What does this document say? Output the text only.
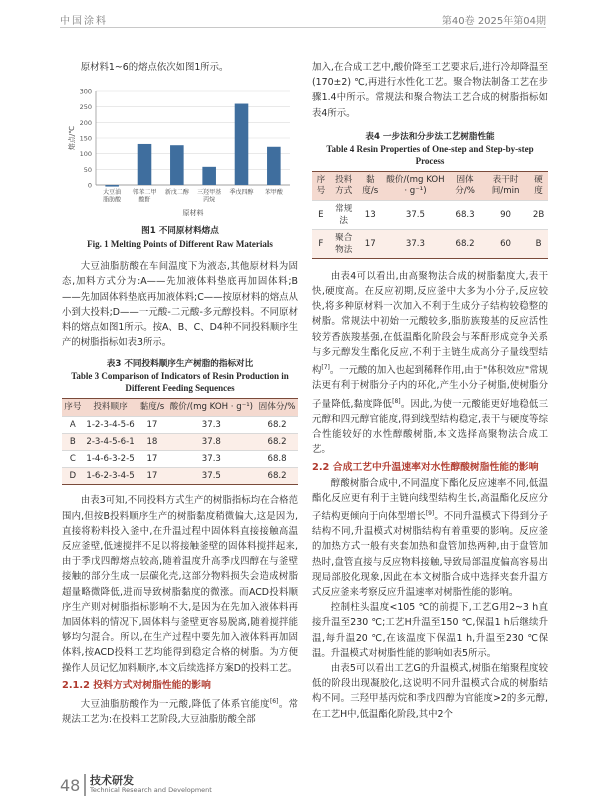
中国涂料	第40卷 2025年第04期

原材料1~6的熔点依次如图1所示。

0
50
100
150
200
250
300
熔点/℃
大豆油
脂肪酸
邻苯二甲
酸酐
新戊二醇 三羟甲基
丙烷
季戊四醇 苯甲酸
原材料
图1 不同原材料熔点
Fig. 1 Melting Points of Different Raw Materials

大豆油脂肪酸在车间温度下为液态,其他原材料为固态,加料方式分为:A——先加液体料垫底再加固体料;B——先加固体料垫底再加液体料;C——按原材料的熔点从小到大投料;D——一元酸-二元酸-多元醇投料。不同原材料的熔点如图1所示。按A、B、C、D4种不同投料顺序生产的树脂指标如表3所示。

表3 不同投料顺序生产树脂的指标对比
Table 3 Comparison of Indicators of Resin Production in Different Feeding Sequences
序号	投料顺序	黏度/s	酸价/(mg KOH · g⁻¹)	固体分/%
A	1-2-3-4-5-6	17	37.3	68.2
B	2-3-4-5-6-1	18	37.8	68.2
C	1-4-6-3-2-5	17	37.3	68.8
D	1-6-2-3-4-5	17	37.5	68.2

由表3可知,不同投料方式生产的树脂指标均在合格范围内,但按B投料顺序生产的树脂黏度稍微偏大,这是因为,直接将粉料投入釜中,在升温过程中固体料直接接触高温反应釜壁,低速搅拌不足以将接触釜壁的固体料搅拌起来,由于季戊四醇熔点较高,随着温度升高季戊四醇在与釜壁接触的部分生成一层碳化壳,这部分物料损失会造成树脂超量略微降低,进而导致树脂黏度的微涨。而ACD投料顺序生产则对树脂指标影响不大,是因为在先加入液体料再加固体料的情况下,固体料与釜壁更容易脱离,随着搅拌能够均匀混合。所以,在生产过程中要先加入液体料再加固体料,按ACD投料工艺均能得到稳定合格的树脂。为方便操作人员记忆加料顺序,本文后续选择方案D的投料工艺。

2.1.2 投料方式对树脂性能的影响

大豆油脂肪酸作为一元酸,降低了体系官能度[6]。常规法工艺为:在投料工艺阶段,大豆油脂肪酸全部

加入,在合成工艺中,酸价降至工艺要求后,进行冷却降温至(170±2) ℃,再进行水性化工艺。聚合物法制备工艺在步骤1.4中所示。常规法和聚合物法工艺合成的树脂指标如表4所示。

表4 一步法和分步法工艺树脂性能
Table 4 Resin Properties of One-step and Step-by-step Process
序号	投料方式	黏度/s	酸价/(mg KOH · g⁻¹)	固体分/%	表干时间/min	硬度
E	常规法	13	37.5	68.3	90	2B
F	聚合物法	17	37.3	68.2	60	B

由表4可以看出,由高聚物法合成的树脂黏度大,表干快,硬度高。在反应初期,反应釜中大多为小分子,反应较快,将多种原材料一次加入不利于生成分子结构较稳整的树脂。常规法中初始一元酸较多,脂肪族羧基的反应活性较芳香族羧基强,在低温酯化阶段会与苯酐形成竞争关系与多元醇发生酯化反应,不利于主链生成高分子量线型结构[7]。一元酸的加入也起到稀释作用,由于"体积效应"常规法更有利于树脂分子内的环化,产生小分子树脂,使树脂分子量降低,黏度降低[8]。因此,为使一元酸能更好地稳低三元醇和四元醇官能度,得到线型结构稳定,表干与硬度等综合性能较好的水性醇酸树脂,本文选择高聚物法合成工艺。

2.2 合成工艺中升温速率对水性醇酸树脂性能的影响

醇酸树脂合成中,不同温度下酯化反应速率不同,低温酯化反应更有利于主链向线型结构生长,高温酯化反应分子结构更倾向于向体型增长[9]。不同升温模式下得到分子结构不同,升温模式对树脂结构有着重要的影响。反应釜的加热方式一般有夹套加热和盘管加热两种,由于盘管加热时,盘管直接与反应物料接触,导致局部温度偏高容易出现局部胶化现象,因此在本文树脂合成中选择夹套升温方式反应釜来考察反应升温速率对树脂性能的影响。

控制柱头温度<105 ℃的前提下,工艺G用2~3 h直接升温至230 ℃;工艺H升温至150 ℃,保温1 h后继续升温,每升温20 ℃,在该温度下保温1 h,升温至230 ℃保温。升温模式对树脂性能的影响如表5所示。

由表5可以看出工艺G的升温模式,树脂在缩聚程度较低的阶段出现凝胶化,这说明不同升温模式合成的树脂结构不同。三羟甲基丙烷和季戊四醇为官能度>2的多元醇,在工艺H中,低温酯化阶段,其中2个

48 技术研发
Technical Research and Development
